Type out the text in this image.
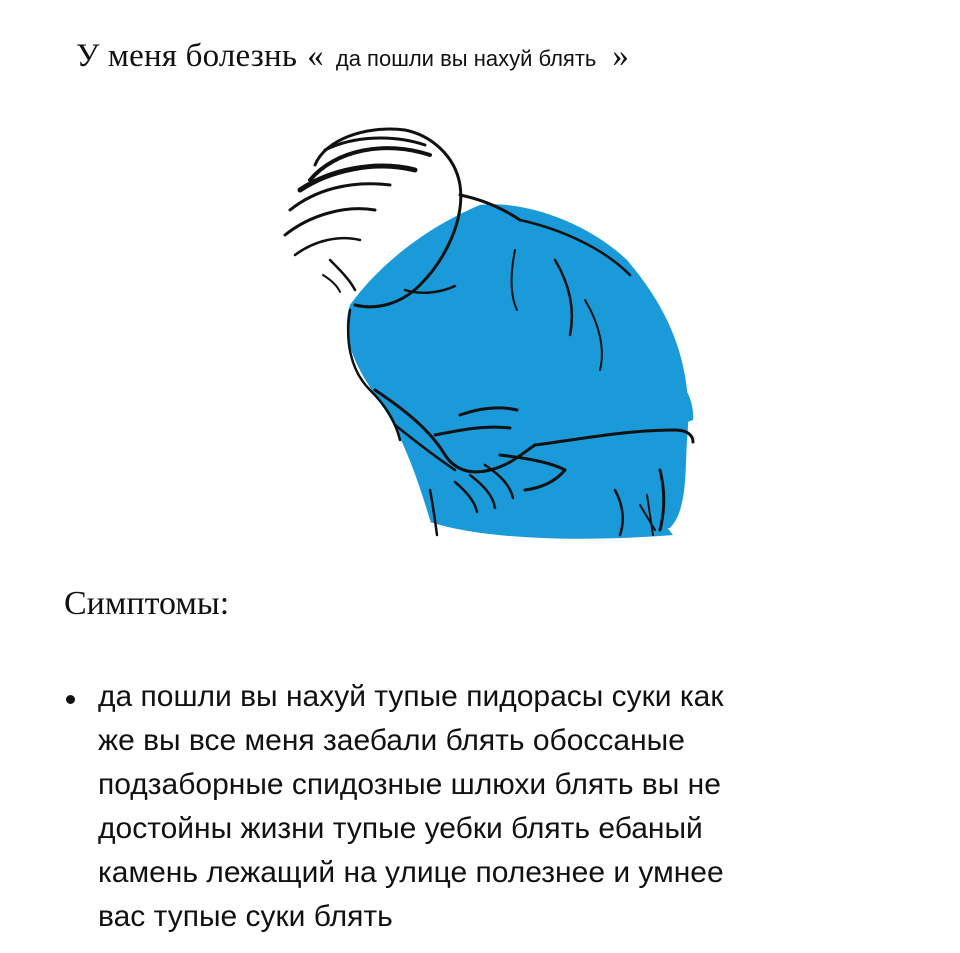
У меня болезнь « да пошли вы нахуй блять »
Симптомы:
да пошли вы нахуй тупые пидорасы суки как
же вы все меня заебали блять обоссаные
подзаборные спидозные шлюхи блять вы не
достойны жизни тупые уебки блять ебаный
камень лежащий на улице полезнее и умнее
вас тупые суки блять
